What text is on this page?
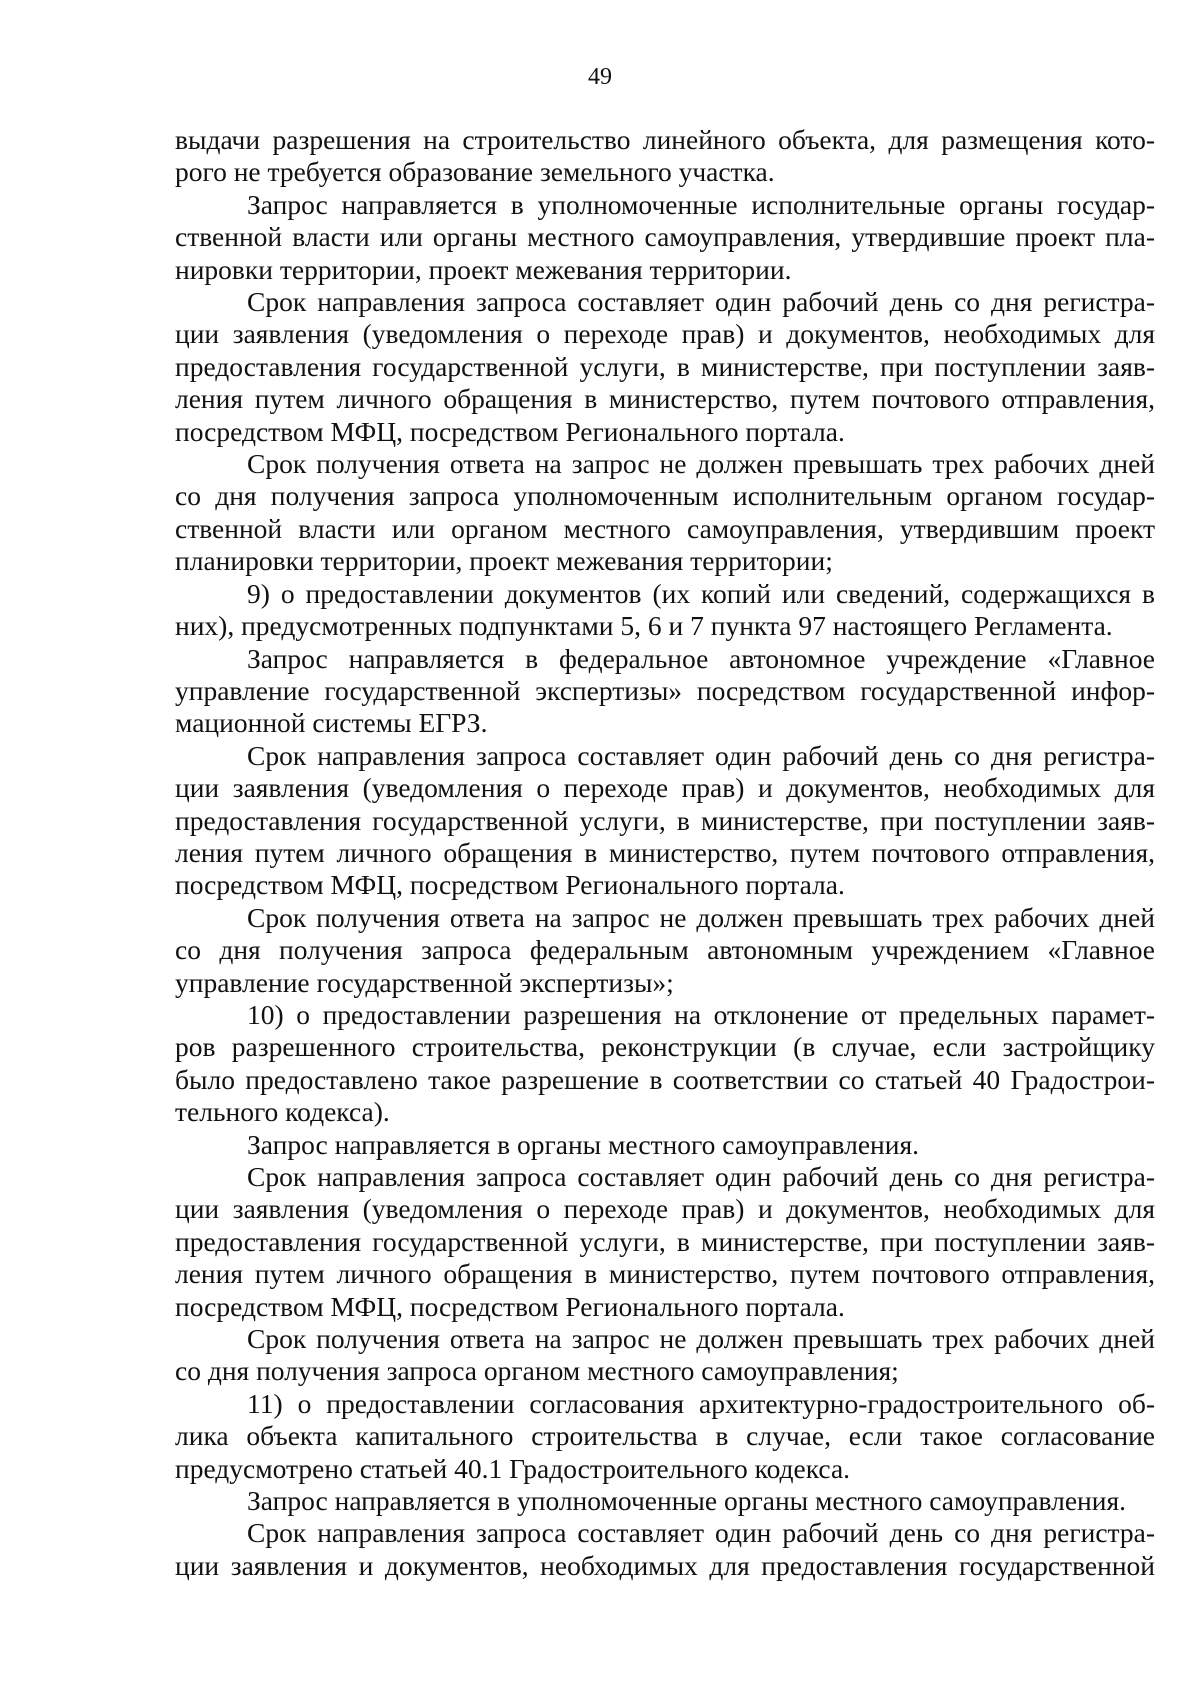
49
выдачи разрешения на строительство линейного объекта, для размещения кото-
рого не требуется образование земельного участка.
Запрос направляется в уполномоченные исполнительные органы государ-
ственной власти или органы местного самоуправления, утвердившие проект пла-
нировки территории, проект межевания территории.
Срок направления запроса составляет один рабочий день со дня регистра-
ции заявления (уведомления о переходе прав) и документов, необходимых для
предоставления государственной услуги, в министерстве, при поступлении заяв-
ления путем личного обращения в министерство, путем почтового отправления,
посредством МФЦ, посредством Регионального портала.
Срок получения ответа на запрос не должен превышать трех рабочих дней
со дня получения запроса уполномоченным исполнительным органом государ-
ственной власти или органом местного самоуправления, утвердившим проект
планировки территории, проект межевания территории;
9) о предоставлении документов (их копий или сведений, содержащихся в
них), предусмотренных подпунктами 5, 6 и 7 пункта 97 настоящего Регламента.
Запрос направляется в федеральное автономное учреждение «Главное
управление государственной экспертизы» посредством государственной инфор-
мационной системы ЕГРЗ.
Срок направления запроса составляет один рабочий день со дня регистра-
ции заявления (уведомления о переходе прав) и документов, необходимых для
предоставления государственной услуги, в министерстве, при поступлении заяв-
ления путем личного обращения в министерство, путем почтового отправления,
посредством МФЦ, посредством Регионального портала.
Срок получения ответа на запрос не должен превышать трех рабочих дней
со дня получения запроса федеральным автономным учреждением «Главное
управление государственной экспертизы»;
10) о предоставлении разрешения на отклонение от предельных парамет-
ров разрешенного строительства, реконструкции (в случае, если застройщику
было предоставлено такое разрешение в соответствии со статьей 40 Градострои-
тельного кодекса).
Запрос направляется в органы местного самоуправления.
Срок направления запроса составляет один рабочий день со дня регистра-
ции заявления (уведомления о переходе прав) и документов, необходимых для
предоставления государственной услуги, в министерстве, при поступлении заяв-
ления путем личного обращения в министерство, путем почтового отправления,
посредством МФЦ, посредством Регионального портала.
Срок получения ответа на запрос не должен превышать трех рабочих дней
со дня получения запроса органом местного самоуправления;
11) о предоставлении согласования архитектурно-градостроительного об-
лика объекта капитального строительства в случае, если такое согласование
предусмотрено статьей 40.1 Градостроительного кодекса.
Запрос направляется в уполномоченные органы местного самоуправления.
Срок направления запроса составляет один рабочий день со дня регистра-
ции заявления и документов, необходимых для предоставления государственной
